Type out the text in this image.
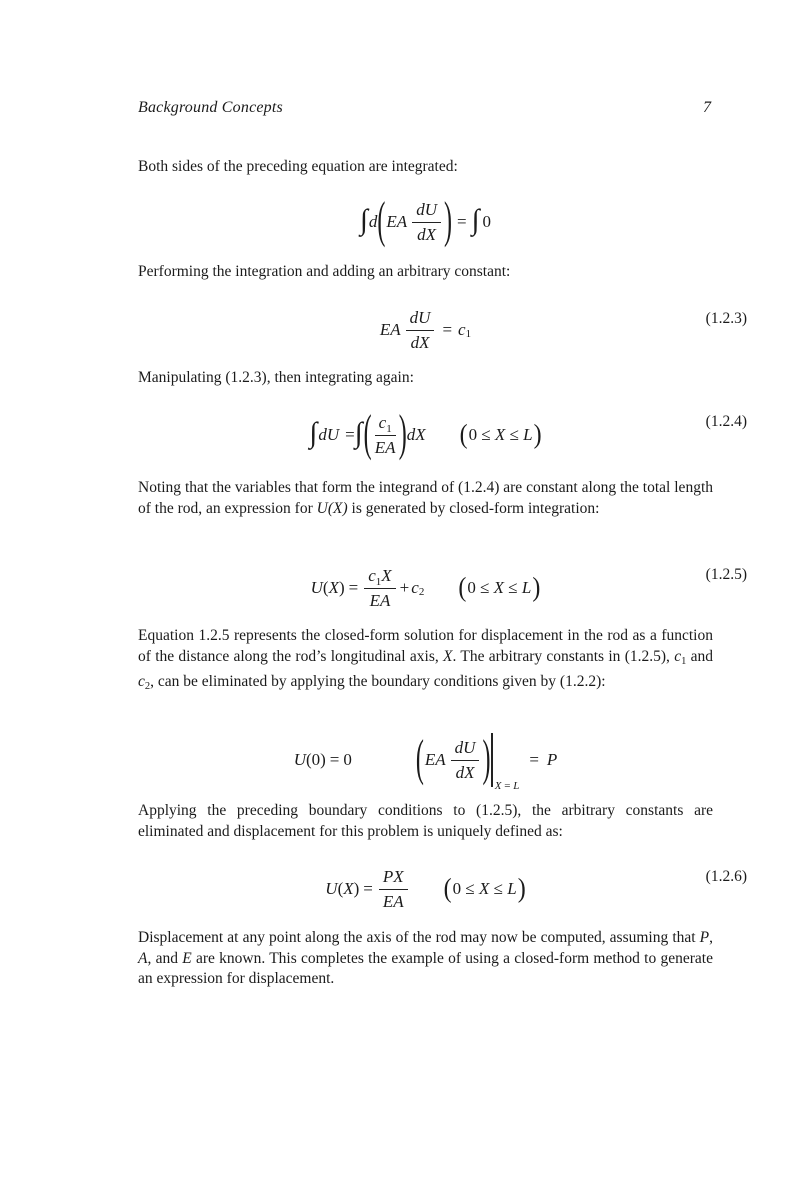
Background Concepts	7

Both sides of the preceding equation are integrated:

∫ d ( EA $\frac{dU}{dX}$ ) = ∫ 0

Performing the integration and adding an arbitrary constant:

EA $\frac{dU}{dX} = c$ 1
(1.2.3)

Manipulating (1.2.3), then integrating again:

∫ dU = ∫ ( $\frac{c 1}{EA}$ ) dX ( 0 ≤ X ≤ L )	(1.2.4)

Noting that the variables that form the integrand of (1.2.4) are constant along the total length of the rod, an expression for U(X) is generated by closed-form integration:

U ( X ) = $\frac{c 1 X}{EA} + c$ 2 ( 0 ≤ X ≤ L )	(1.2.5)

Equation 1.2.5 represents the closed-form solution for displacement in the rod as a function of the distance along the rod’s longitudinal axis, X. The arbitrary constants in (1.2.5), c1 and c2, can be eliminated by applying the boundary conditions given by (1.2.2):

U (0) = 0	( EA $\frac{dU}{dX}$ ) X = L
= P

Applying the preceding boundary conditions to (1.2.5), the arbitrary constants are eliminated and displacement for this problem is uniquely defined as:

U ( X ) = $\frac{PX}{EA}$ ( 0 ≤ X ≤ L )	(1.2.6)

Displacement at any point along the axis of the rod may now be computed, assuming that P, A, and E are known. This completes the example of using a closed-form method to generate an expression for displacement.
